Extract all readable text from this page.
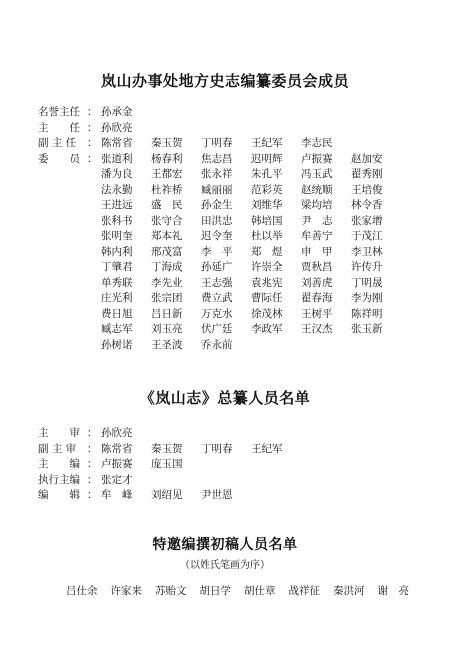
岚山办事处地方史志编纂委员会成员
名誉主任 ： 孙承金
主　　任 ： 孙欣亮
副 主 任 ： 陈常省 秦玉贺 丁明春 王纪军 李志民
委　　员 ： 张道利 杨春利 焦志昌 迟明辉 卢振赛 赵加安
潘为良 王都宏 张永祥 朱孔平 冯玉武 翟秀刚
法永勤 杜祚桥 臧丽丽 范彩英 赵统顺 王培俊
王进远 盛　民 孙金生 刘维华 梁均培 林令香
张科书 张守合 田洪忠 韩培国 尹　志 张家增
张明奎 郑本礼 迟令奎 杜以举 牟善宁 于茂江
韩内利 邢茂富 李　平 郑　煜 申　甲 李卫林
丁肇君 丁海成 孙延广 许崇全 贾秋昌 许传升
单秀联 李先业 王志强 袁兆宪 刘善虎 丁明晟
庄光利 张宗团 费立武 曹际任 翟春海 李为刚
费日旭 吕日新 万克水 徐茂林 王树平 陈祥明
臧志军 刘玉亮 伏广廷 李政军 王汉杰 张玉新
孙树诺 王圣波 乔永前
《岚山志》总纂人员名单
主　　审 ： 孙欣亮
副 主 审 ： 陈常省 秦玉贺 丁明春 王纪军
主　　编 ： 卢振赛 庞玉国
执行主编 ： 张定才
编　　辑 ： 牟　峰 刘绍见 尹世恩
特邀编撰初稿人员名单
（以姓氏笔画为序）
吕仕余 许家来 苏贻文 胡日学 胡仕章 战祥征 秦洪河 谢　亮
